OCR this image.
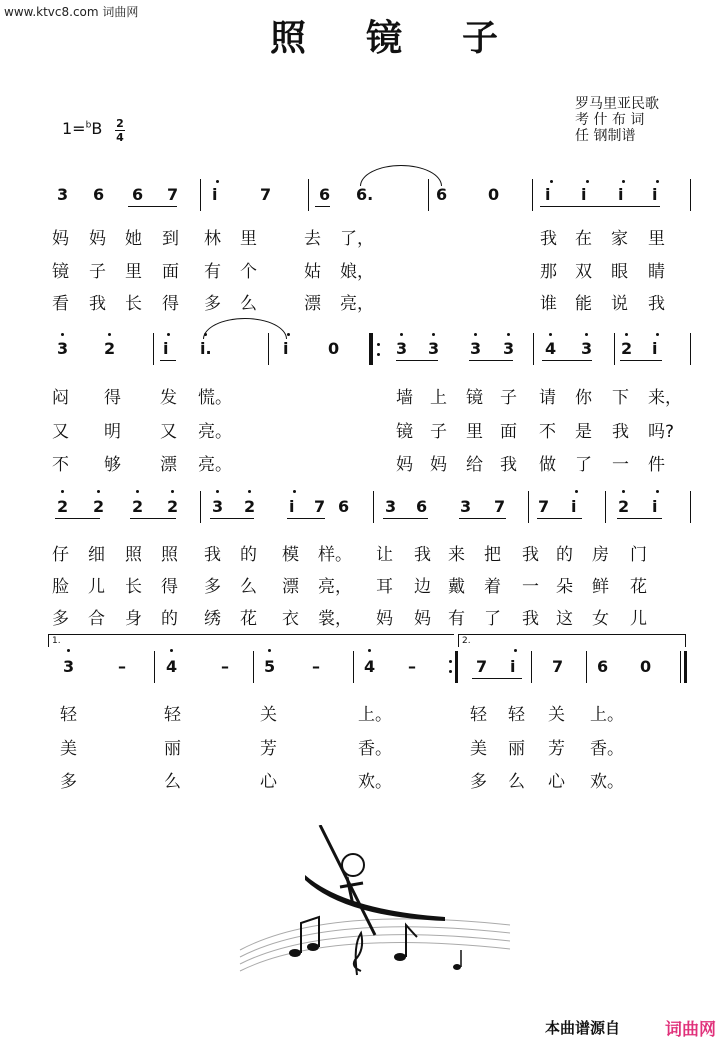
www.ktvc8.com 词曲网
照 镜 子
罗马里亚民歌
考 什 布 词
任 钢制谱
1=$^b$B 2
4
3 6 6 7 i	7	6 6.	6	0	i i i i
妈 妈 她 到 林 里	去 了，	我 在 家 里
镜 子 里 面 有 个	姑 娘，	那 双 眼 睛
看 我 长 得 多 么	漂 亮，	谁 能 说 我
3 2	i i.	i 0	3 3 3 3 4 3 2 i
闷 得 发 慌。	墙 上 镜 子 请 你 下 来，
又 明 又 亮。	镜 子 里 面 不 是 我 吗?
不 够 漂 亮。	妈 妈 给 我 做 了 一 件
2 2 2 2 3 2 i 7 6 3 6 3 7 7 i	2 i
仔 细 照 照 我 的 模 样。 让 我 来 把 我 的 房 门
脸 儿 长 得 多 么 漂 亮， 耳 边 戴 着 一 朵 鲜 花
多 合 身 的 绣 花 衣 裳， 妈 妈 有 了 我 这 女 儿
3	–	4	– 5 –	4 –	7 i 7 6 0
轻	轻	关	上。	轻 轻 关 上。
美	丽	芳	香。	美 丽 芳 香。
多	么	心	欢。	多 么 心 欢。
1.	2.
本曲谱源自	词曲网
